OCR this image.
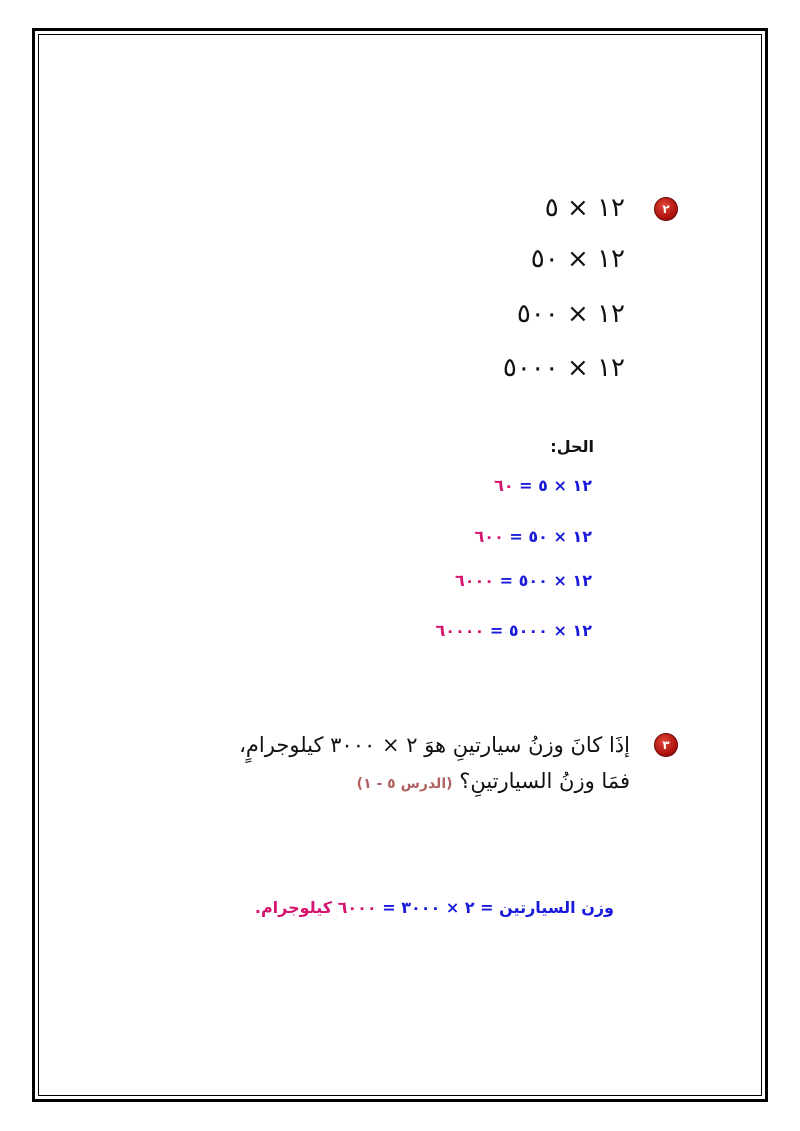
٢
١٢ × ٥
١٢ × ٥٠
١٢ × ٥٠٠
١٢ × ٥٠٠٠
الحل:
١٢ × ٥ = ٦٠
١٢ × ٥٠ = ٦٠٠
١٢ × ٥٠٠ = ٦٠٠٠
١٢ × ٥٠٠٠ = ٦٠٠٠٠
٣
إذَا كانَ وزنُ سيارتينِ هوَ ٢ × ٣٠٠٠ كيلوجرامٍ،
فمَا وزنُ السيارتينِ؟ (الدرس ٥ - ١)
وزن السيارتين = ٢ × ٣٠٠٠ = ٦٠٠٠ كيلوجرام.
